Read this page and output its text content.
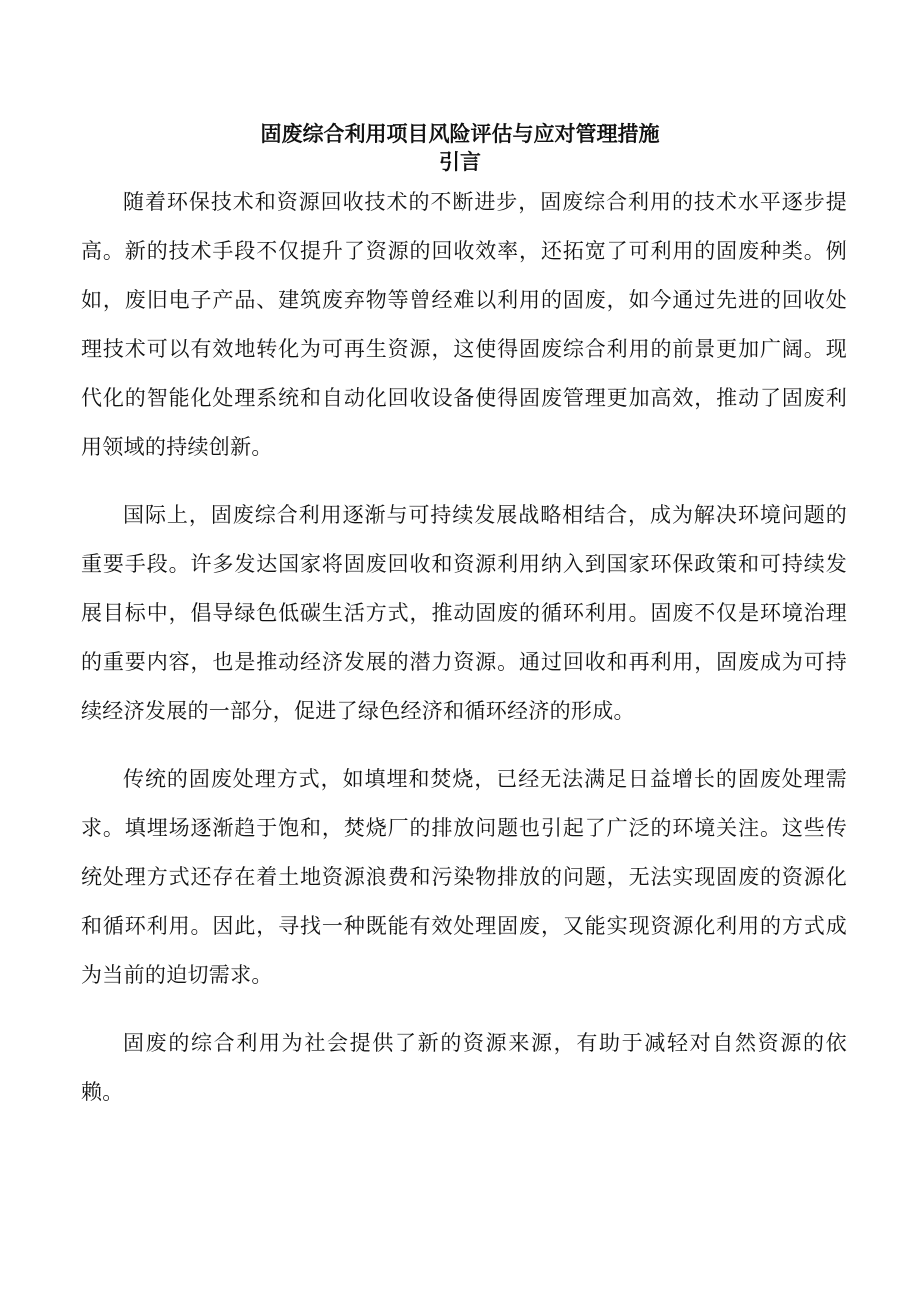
固废综合利用项目风险评估与应对管理措施
引言

随着环保技术和资源回收技术的不断进步，固废综合利用的技术水平逐步提高。新的技术手段不仅提升了资源的回收效率，还拓宽了可利用的固废种类。例如，废旧电子产品、建筑废弃物等曾经难以利用的固废，如今通过先进的回收处理技术可以有效地转化为可再生资源，这使得固废综合利用的前景更加广阔。现代化的智能化处理系统和自动化回收设备使得固废管理更加高效，推动了固废利用领域的持续创新。

国际上，固废综合利用逐渐与可持续发展战略相结合，成为解决环境问题的重要手段。许多发达国家将固废回收和资源利用纳入到国家环保政策和可持续发展目标中，倡导绿色低碳生活方式，推动固废的循环利用。固废不仅是环境治理的重要内容，也是推动经济发展的潜力资源。通过回收和再利用，固废成为可持续经济发展的一部分，促进了绿色经济和循环经济的形成。

传统的固废处理方式，如填埋和焚烧，已经无法满足日益增长的固废处理需求。填埋场逐渐趋于饱和，焚烧厂的排放问题也引起了广泛的环境关注。这些传统处理方式还存在着土地资源浪费和污染物排放的问题，无法实现固废的资源化和循环利用。因此，寻找一种既能有效处理固废，又能实现资源化利用的方式成为当前的迫切需求。

固废的综合利用为社会提供了新的资源来源，有助于减轻对自然资源的依赖。
